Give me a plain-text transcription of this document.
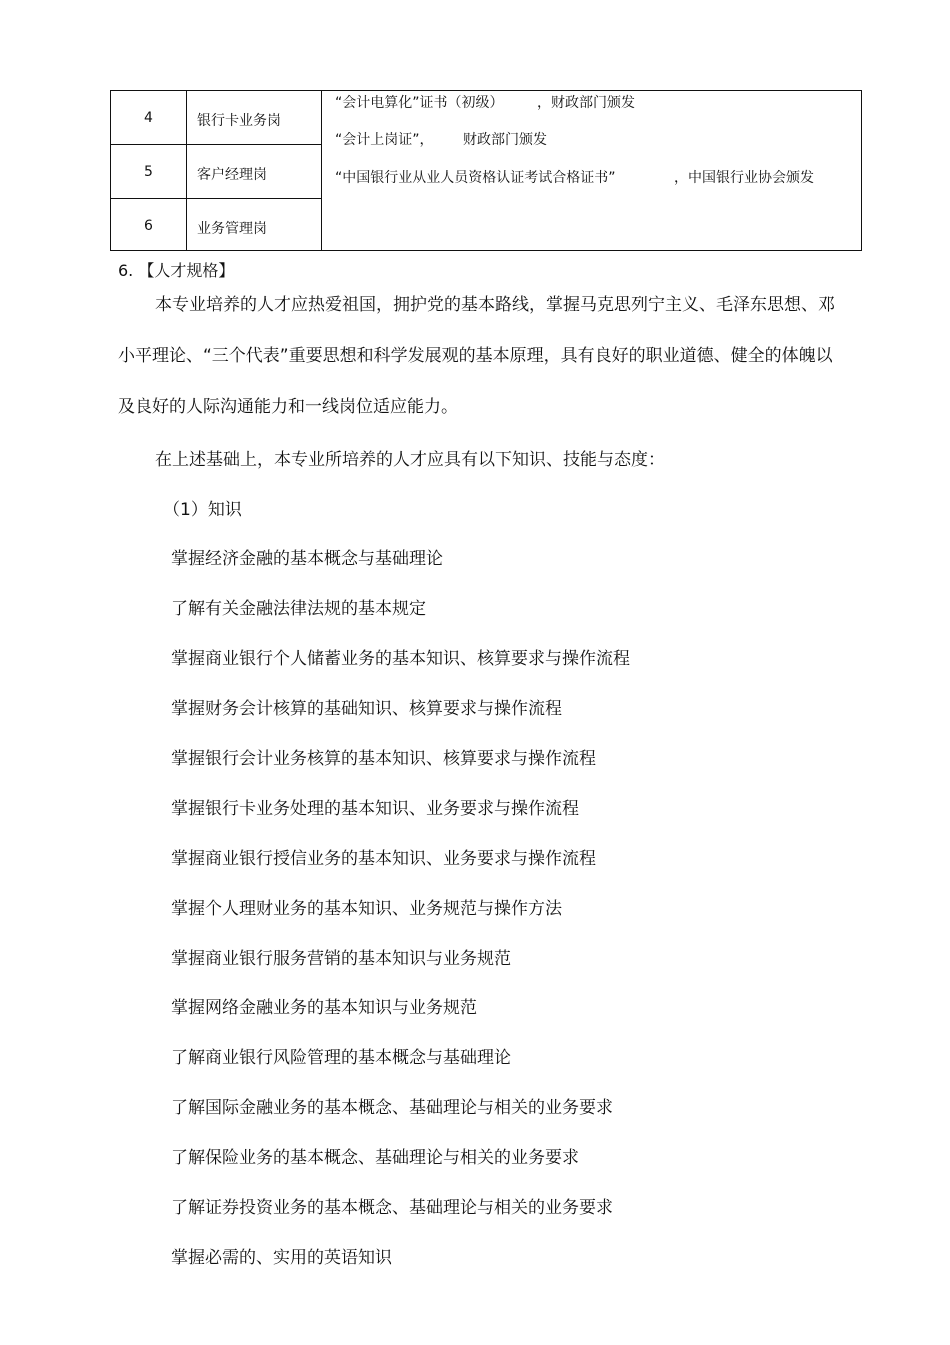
4	银行卡业务岗
5	客户经理岗
6	业务管理岗
“会计电算化”证书（初级） ，财政部门颁发
“会计上岗证”， 财政部门颁发
“中国银行业从业人员资格认证考试合格证书”	，中国银行业协会颁发
6. 【人才规格】
本专业培养的人才应热爱祖国，拥护党的基本路线，掌握马克思列宁主义、毛泽东思想、邓小平理论、“三个代表”重要思想和科学发展观的基本原理，具有良好的职业道德、健全的体魄以及良好的人际沟通能力和一线岗位适应能力。
在上述基础上，本专业所培养的人才应具有以下知识、技能与态度：
（1）知识
掌握经济金融的基本概念与基础理论
了解有关金融法律法规的基本规定
掌握商业银行个人储蓄业务的基本知识、核算要求与操作流程
掌握财务会计核算的基础知识、核算要求与操作流程
掌握银行会计业务核算的基本知识、核算要求与操作流程
掌握银行卡业务处理的基本知识、业务要求与操作流程
掌握商业银行授信业务的基本知识、业务要求与操作流程
掌握个人理财业务的基本知识、业务规范与操作方法
掌握商业银行服务营销的基本知识与业务规范
掌握网络金融业务的基本知识与业务规范
了解商业银行风险管理的基本概念与基础理论
了解国际金融业务的基本概念、基础理论与相关的业务要求
了解保险业务的基本概念、基础理论与相关的业务要求
了解证券投资业务的基本概念、基础理论与相关的业务要求
掌握必需的、实用的英语知识
